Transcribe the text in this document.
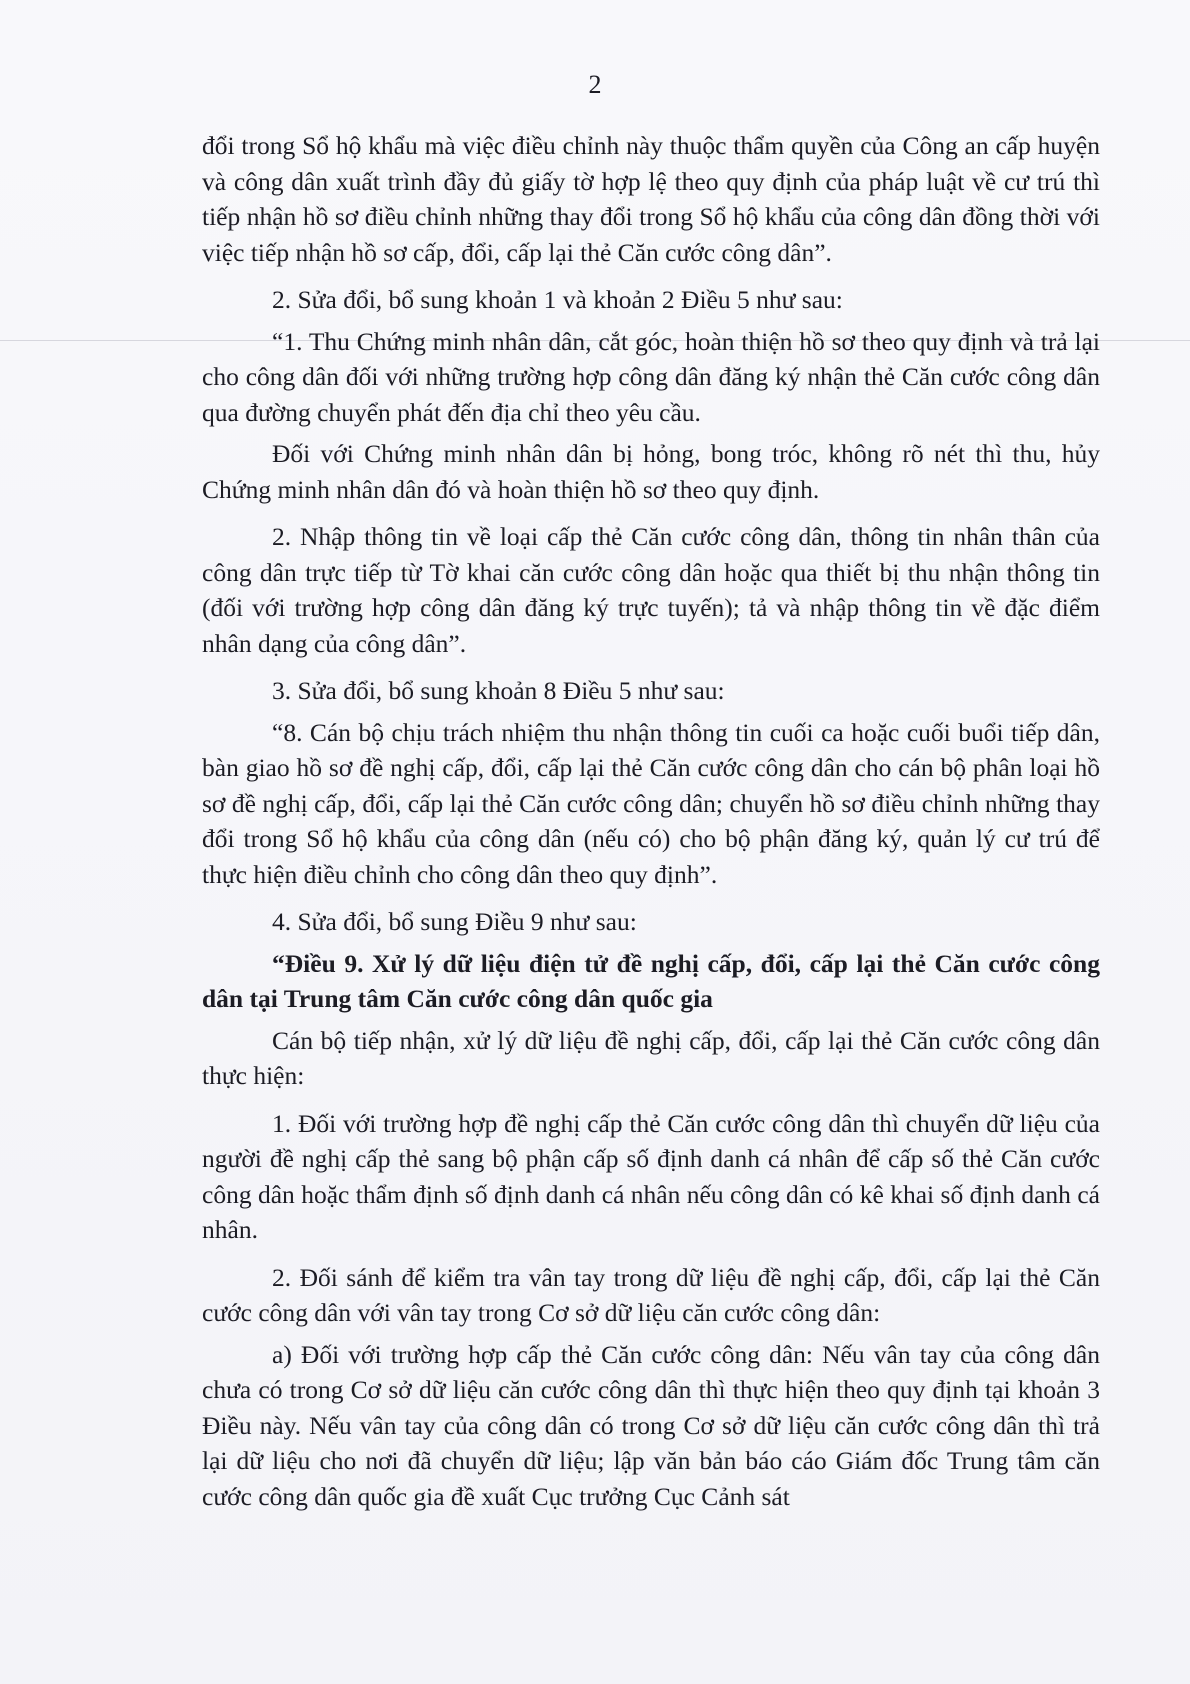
2

đổi trong Sổ hộ khẩu mà việc điều chỉnh này thuộc thẩm quyền của Công an cấp huyện và công dân xuất trình đầy đủ giấy tờ hợp lệ theo quy định của pháp luật về cư trú thì tiếp nhận hồ sơ điều chỉnh những thay đổi trong Sổ hộ khẩu của công dân đồng thời với việc tiếp nhận hồ sơ cấp, đổi, cấp lại thẻ Căn cước công dân”.

2. Sửa đổi, bổ sung khoản 1 và khoản 2 Điều 5 như sau:

“1. Thu Chứng minh nhân dân, cắt góc, hoàn thiện hồ sơ theo quy định và trả lại cho công dân đối với những trường hợp công dân đăng ký nhận thẻ Căn cước công dân qua đường chuyển phát đến địa chỉ theo yêu cầu.

Đối với Chứng minh nhân dân bị hỏng, bong tróc, không rõ nét thì thu, hủy Chứng minh nhân dân đó và hoàn thiện hồ sơ theo quy định.

2. Nhập thông tin về loại cấp thẻ Căn cước công dân, thông tin nhân thân của công dân trực tiếp từ Tờ khai căn cước công dân hoặc qua thiết bị thu nhận thông tin (đối với trường hợp công dân đăng ký trực tuyến); tả và nhập thông tin về đặc điểm nhân dạng của công dân”.

3. Sửa đổi, bổ sung khoản 8 Điều 5 như sau:

“8. Cán bộ chịu trách nhiệm thu nhận thông tin cuối ca hoặc cuối buổi tiếp dân, bàn giao hồ sơ đề nghị cấp, đổi, cấp lại thẻ Căn cước công dân cho cán bộ phân loại hồ sơ đề nghị cấp, đổi, cấp lại thẻ Căn cước công dân; chuyển hồ sơ điều chỉnh những thay đổi trong Sổ hộ khẩu của công dân (nếu có) cho bộ phận đăng ký, quản lý cư trú để thực hiện điều chỉnh cho công dân theo quy định”.

4. Sửa đổi, bổ sung Điều 9 như sau:

“Điều 9. Xử lý dữ liệu điện tử đề nghị cấp, đổi, cấp lại thẻ Căn cước công dân tại Trung tâm Căn cước công dân quốc gia

Cán bộ tiếp nhận, xử lý dữ liệu đề nghị cấp, đổi, cấp lại thẻ Căn cước công dân thực hiện:

1. Đối với trường hợp đề nghị cấp thẻ Căn cước công dân thì chuyển dữ liệu của người đề nghị cấp thẻ sang bộ phận cấp số định danh cá nhân để cấp số thẻ Căn cước công dân hoặc thẩm định số định danh cá nhân nếu công dân có kê khai số định danh cá nhân.

2. Đối sánh để kiểm tra vân tay trong dữ liệu đề nghị cấp, đổi, cấp lại thẻ Căn cước công dân với vân tay trong Cơ sở dữ liệu căn cước công dân:

a) Đối với trường hợp cấp thẻ Căn cước công dân: Nếu vân tay của công dân chưa có trong Cơ sở dữ liệu căn cước công dân thì thực hiện theo quy định tại khoản 3 Điều này. Nếu vân tay của công dân có trong Cơ sở dữ liệu căn cước công dân thì trả lại dữ liệu cho nơi đã chuyển dữ liệu; lập văn bản báo cáo Giám đốc Trung tâm căn cước công dân quốc gia đề xuất Cục trưởng Cục Cảnh sát
